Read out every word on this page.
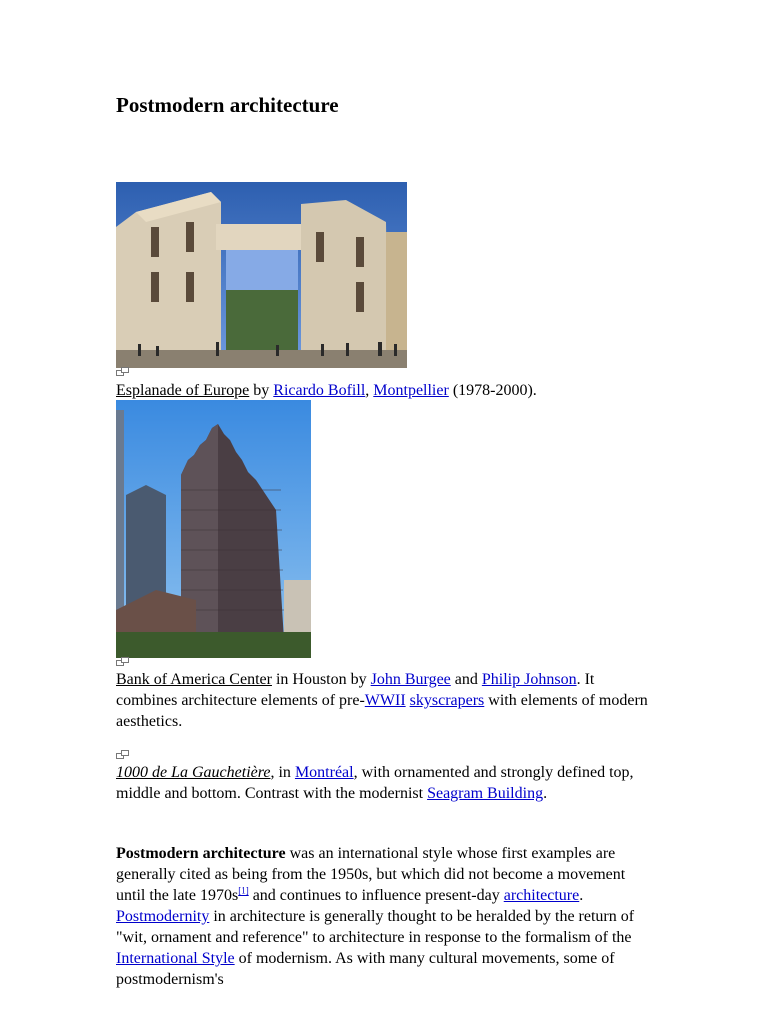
Postmodern architecture
Esplanade of Europe by Ricardo Bofill, Montpellier (1978-2000).
Bank of America Center in Houston by John Burgee and Philip Johnson. It combines architecture elements of pre-WWII skyscrapers with elements of modern aesthetics.
1000 de La Gauchetière, in Montréal, with ornamented and strongly defined top, middle and bottom. Contrast with the modernist Seagram Building.

Postmodern architecture was an international style whose first examples are generally cited as being from the 1950s, but which did not become a movement until the late 1970s[1] and continues to influence present-day architecture. Postmodernity in architecture is generally thought to be heralded by the return of "wit, ornament and reference" to architecture in response to the formalism of the International Style of modernism. As with many cultural movements, some of postmodernism's
